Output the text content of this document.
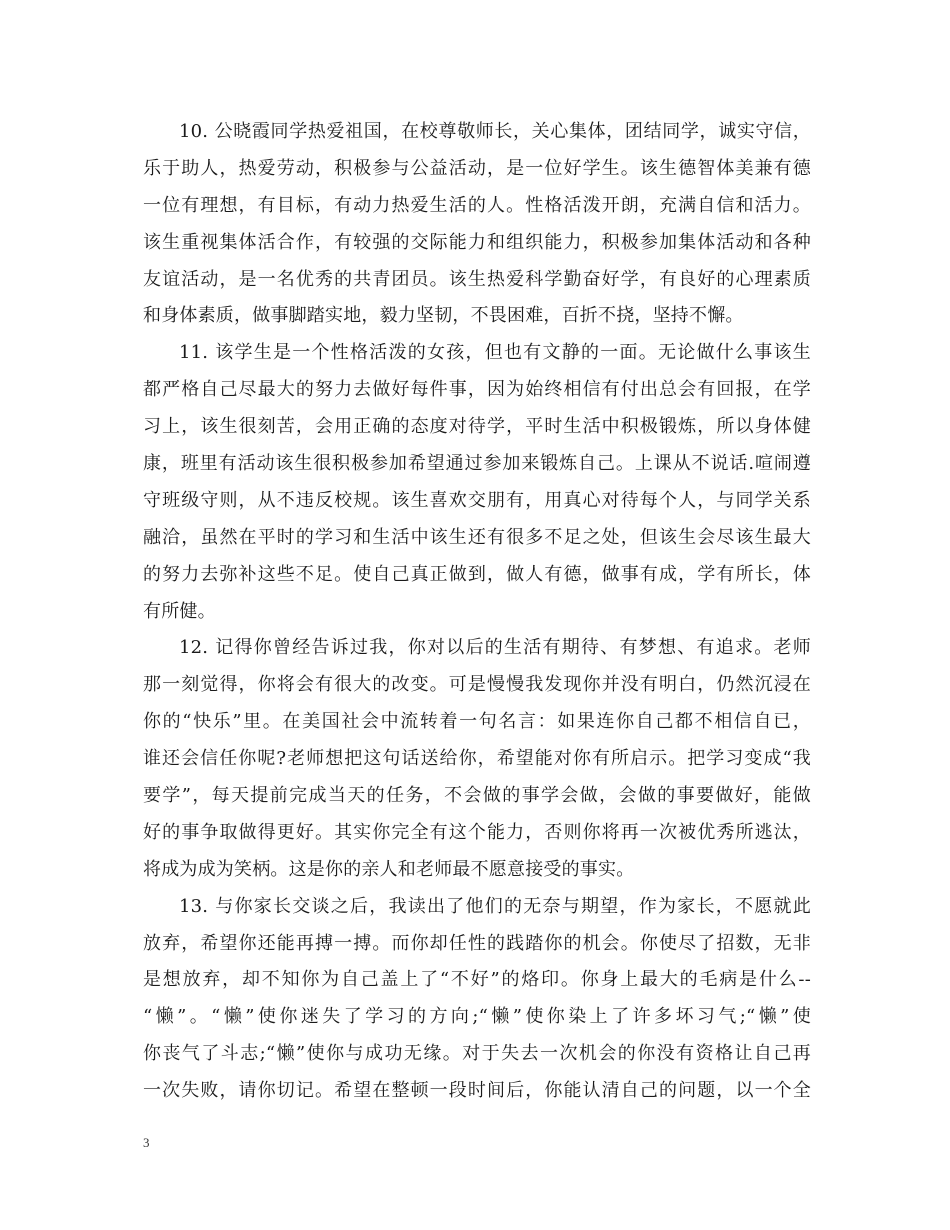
10. 公晓霞同学热爱祖国，在校尊敬师长，关心集体，团结同学，诚实守信，
乐于助人，热爱劳动，积极参与公益活动，是一位好学生。该生德智体美兼有德
一位有理想，有目标，有动力热爱生活的人。性格活泼开朗，充满自信和活力。
该生重视集体活合作，有较强的交际能力和组织能力，积极参加集体活动和各种
友谊活动，是一名优秀的共青团员。该生热爱科学勤奋好学，有良好的心理素质
和身体素质，做事脚踏实地，毅力坚韧，不畏困难，百折不挠，坚持不懈。
11. 该学生是一个性格活泼的女孩，但也有文静的一面。无论做什么事该生
都严格自己尽最大的努力去做好每件事，因为始终相信有付出总会有回报，在学
习上，该生很刻苦，会用正确的态度对待学，平时生活中积极锻炼，所以身体健
康，班里有活动该生很积极参加希望通过参加来锻炼自己。上课从不说话.喧闹遵
守班级守则，从不违反校规。该生喜欢交朋有，用真心对待每个人，与同学关系
融洽，虽然在平时的学习和生活中该生还有很多不足之处，但该生会尽该生最大
的努力去弥补这些不足。使自己真正做到，做人有德，做事有成，学有所长，体
有所健。
12. 记得你曾经告诉过我，你对以后的生活有期待、有梦想、有追求。老师
那一刻觉得，你将会有很大的改变。可是慢慢我发现你并没有明白，仍然沉浸在
你的“快乐”里。在美国社会中流转着一句名言：如果连你自己都不相信自已，
谁还会信任你呢?老师想把这句话送给你，希望能对你有所启示。把学习变成“我
要学”，每天提前完成当天的任务，不会做的事学会做，会做的事要做好，能做
好的事争取做得更好。其实你完全有这个能力，否则你将再一次被优秀所逃汰，
将成为成为笑柄。这是你的亲人和老师最不愿意接受的事实。
13. 与你家长交谈之后，我读出了他们的无奈与期望，作为家长，不愿就此
放弃，希望你还能再搏一搏。而你却任性的践踏你的机会。你使尽了招数，无非
是想放弃，却不知你为自己盖上了“不好”的烙印。你身上最大的毛病是什么--
“懒”。“懒”使你迷失了学习的方向;“懒”使你染上了许多坏习气;“懒”使
你丧气了斗志;“懒”使你与成功无缘。对于失去一次机会的你没有资格让自己再
一次失败，请你切记。希望在整顿一段时间后，你能认清自己的问题，以一个全
3
